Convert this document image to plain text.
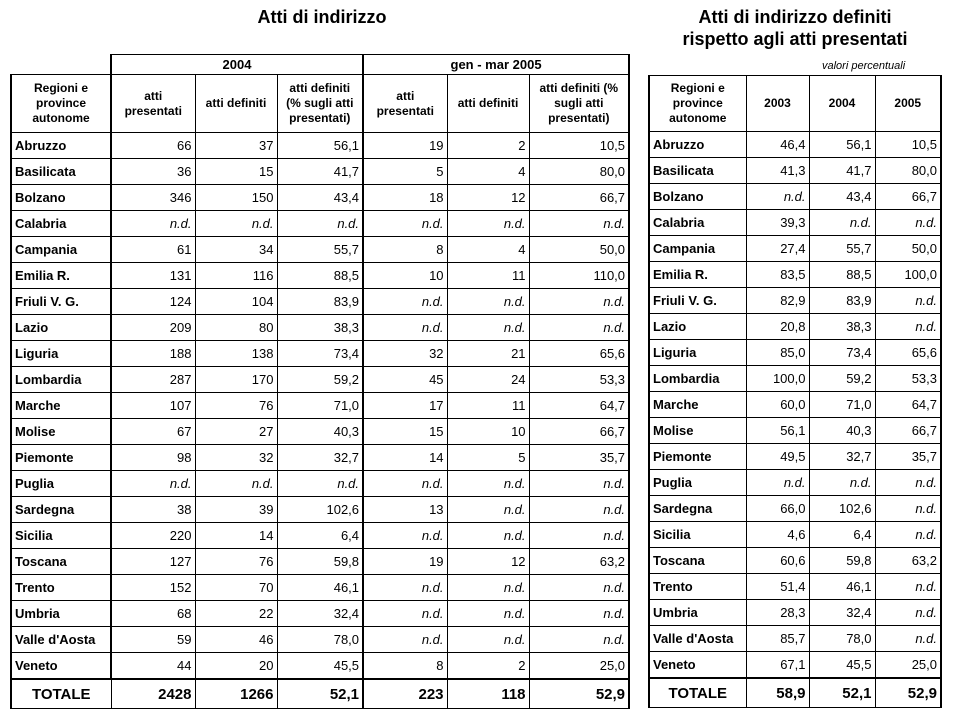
Atti di indirizzo	Atti di indirizzo definiti
rispetto agli atti presentati
valori percentuali
	2004			gen - mar 2005		
Regioni e province autonome	atti presentati	atti definiti	atti definiti (% sugli atti presentati)	atti presentati	atti definiti	atti definiti (% sugli atti presentati)
Abruzzo	66	37	56,1	19	2	10,5
Basilicata	36	15	41,7	5	4	80,0
Bolzano	346	150	43,4	18	12	66,7
Calabria	n.d.	n.d.	n.d.	n.d.	n.d.	n.d.
Campania	61	34	55,7	8	4	50,0
Emilia R.	131	116	88,5	10	11	110,0
Friuli V. G.	124	104	83,9	n.d.	n.d.	n.d.
Lazio	209	80	38,3	n.d.	n.d.	n.d.
Liguria	188	138	73,4	32	21	65,6
Lombardia	287	170	59,2	45	24	53,3
Marche	107	76	71,0	17	11	64,7
Molise	67	27	40,3	15	10	66,7
Piemonte	98	32	32,7	14	5	35,7
Puglia	n.d.	n.d.	n.d.	n.d.	n.d.	n.d.
Sardegna	38	39	102,6	13	n.d.	n.d.
Sicilia	220	14	6,4	n.d.	n.d.	n.d.
Toscana	127	76	59,8	19	12	63,2
Trento	152	70	46,1	n.d.	n.d.	n.d.
Umbria	68	22	32,4	n.d.	n.d.	n.d.
Valle d'Aosta	59	46	78,0	n.d.	n.d.	n.d.
Veneto	44	20	45,5	8	2	25,0
TOTALE	2428	1266	52,1	223	118	52,9
Regioni e province autonome	2003	2004	2005
Abruzzo	46,4	56,1	10,5
Basilicata	41,3	41,7	80,0
Bolzano	n.d.	43,4	66,7
Calabria	39,3	n.d.	n.d.
Campania	27,4	55,7	50,0
Emilia R.	83,5	88,5	100,0
Friuli V. G.	82,9	83,9	n.d.
Lazio	20,8	38,3	n.d.
Liguria	85,0	73,4	65,6
Lombardia	100,0	59,2	53,3
Marche	60,0	71,0	64,7
Molise	56,1	40,3	66,7
Piemonte	49,5	32,7	35,7
Puglia	n.d.	n.d.	n.d.
Sardegna	66,0	102,6	n.d.
Sicilia	4,6	6,4	n.d.
Toscana	60,6	59,8	63,2
Trento	51,4	46,1	n.d.
Umbria	28,3	32,4	n.d.
Valle d'Aosta	85,7	78,0	n.d.
Veneto	67,1	45,5	25,0
TOTALE	58,9	52,1	52,9
